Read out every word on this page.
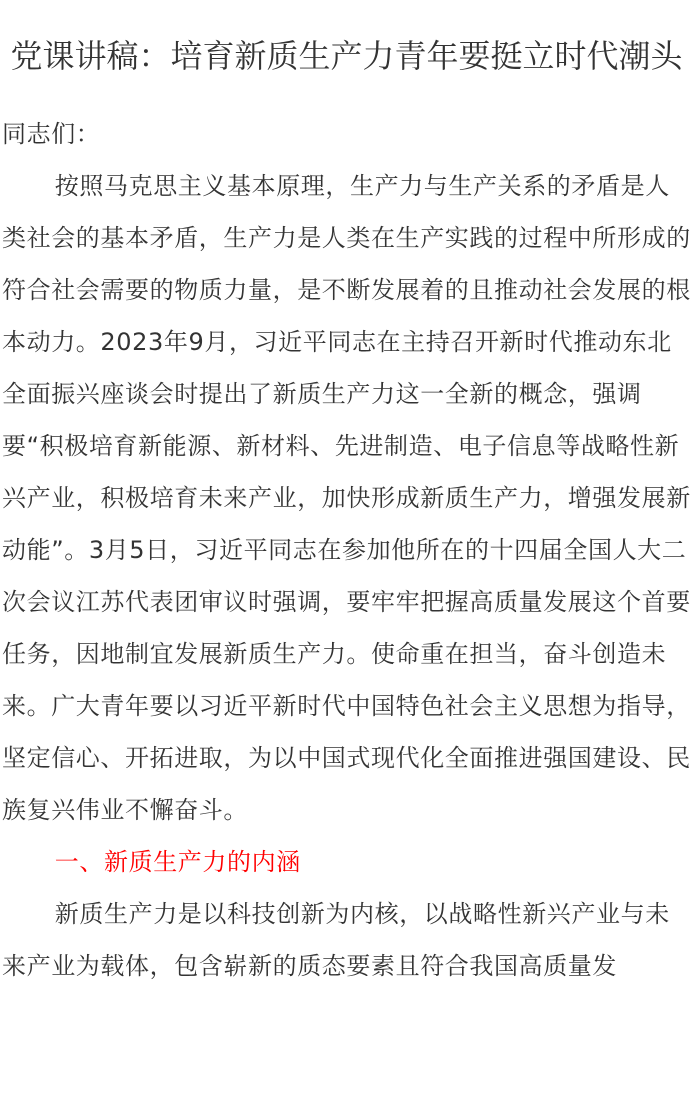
党课讲稿：培育新质生产力青年要挺立时代潮头

同志们：

按照马克思主义基本原理，生产力与生产关系的矛盾是人类社会的基本矛盾，生产力是人类在生产实践的过程中所形成的符合社会需要的物质力量，是不断发展着的且推动社会发展的根本动力。2023年9月，习近平同志在主持召开新时代推动东北全面振兴座谈会时提出了新质生产力这一全新的概念，强调要“积极培育新能源、新材料、先进制造、电子信息等战略性新兴产业，积极培育未来产业，加快形成新质生产力，增强发展新动能”。3月5日，习近平同志在参加他所在的十四届全国人大二次会议江苏代表团审议时强调，要牢牢把握高质量发展这个首要任务，因地制宜发展新质生产力。使命重在担当，奋斗创造未来。广大青年要以习近平新时代中国特色社会主义思想为指导，坚定信心、开拓进取，为以中国式现代化全面推进强国建设、民族复兴伟业不懈奋斗。

一、新质生产力的内涵

新质生产力是以科技创新为内核，以战略性新兴产业与未来产业为载体，包含崭新的质态要素且符合我国高质量发
